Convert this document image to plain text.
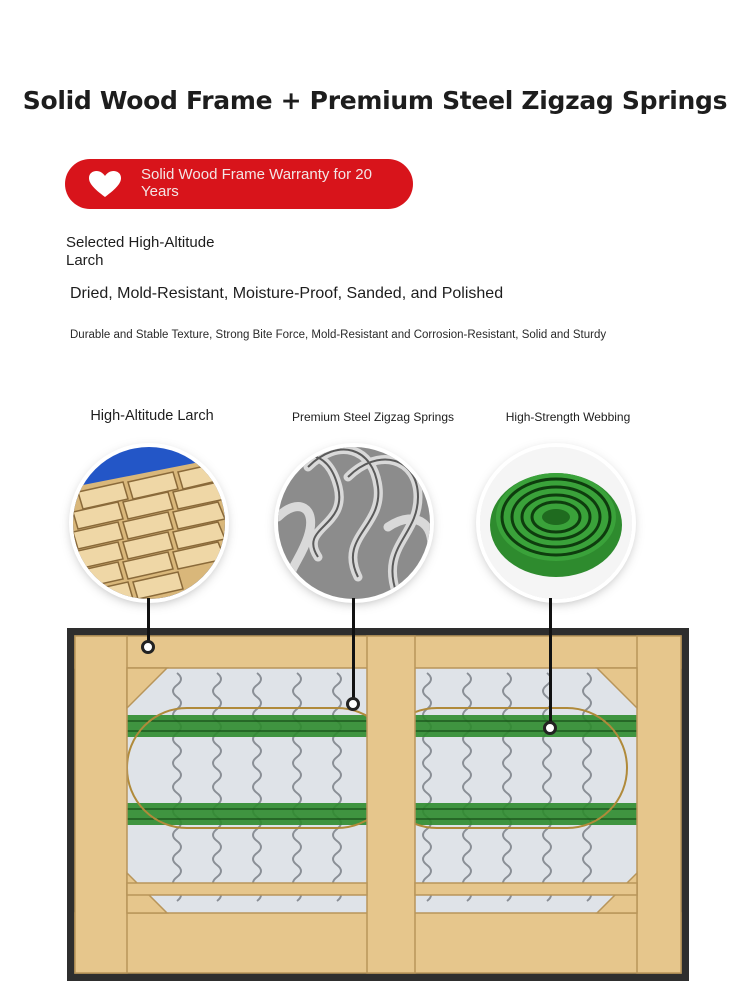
Solid Wood Frame + Premium Steel Zigzag Springs
Solid Wood Frame Warranty for 20 Years
Selected High-Altitude Larch
Dried, Mold-Resistant, Moisture-Proof, Sanded, and Polished
Durable and Stable Texture, Strong Bite Force, Mold-Resistant and Corrosion-Resistant, Solid and Sturdy
High-Altitude Larch	Premium Steel Zigzag Springs	High-Strength Webbing
